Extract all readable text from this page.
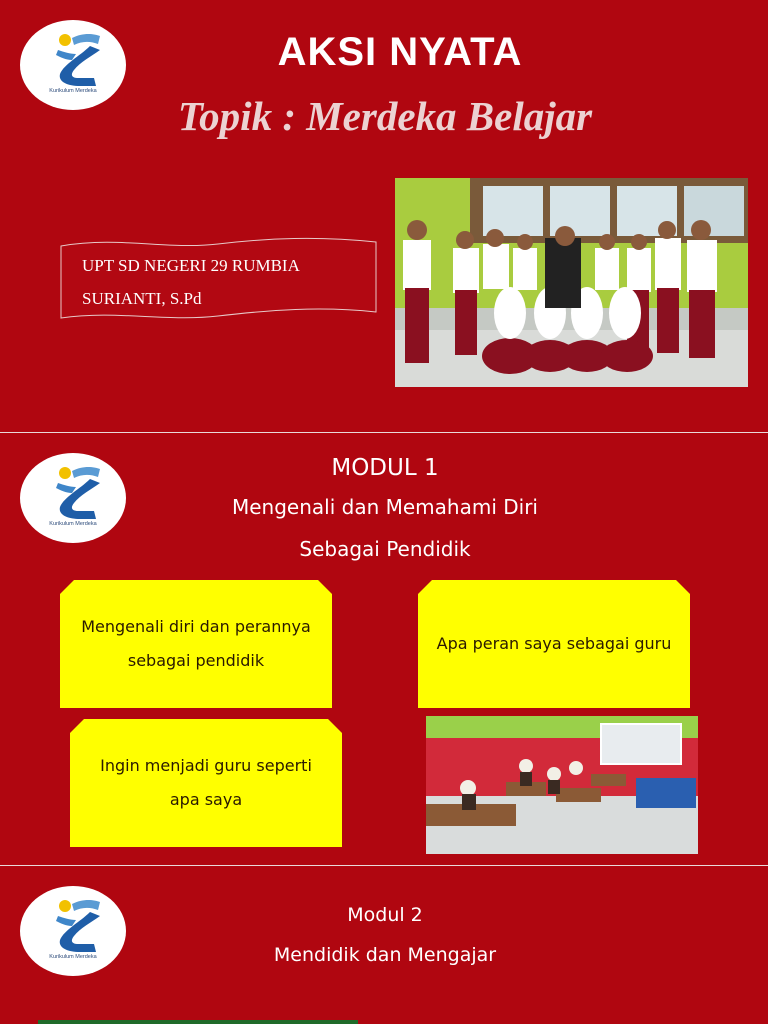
Kurikulum Merdeka
AKSI NYATA
Topik : Merdeka Belajar
UPT SD NEGERI 29 RUMBIA
SURIANTI, S.Pd
Kurikulum Merdeka
MODUL 1
Mengenali dan Memahami Diri
Sebagai Pendidik
Mengenali diri dan perannya sebagai pendidik
Apa peran saya sebagai guru
Ingin menjadi guru seperti apa saya
Kurikulum Merdeka
Modul 2
Mendidik dan Mengajar
